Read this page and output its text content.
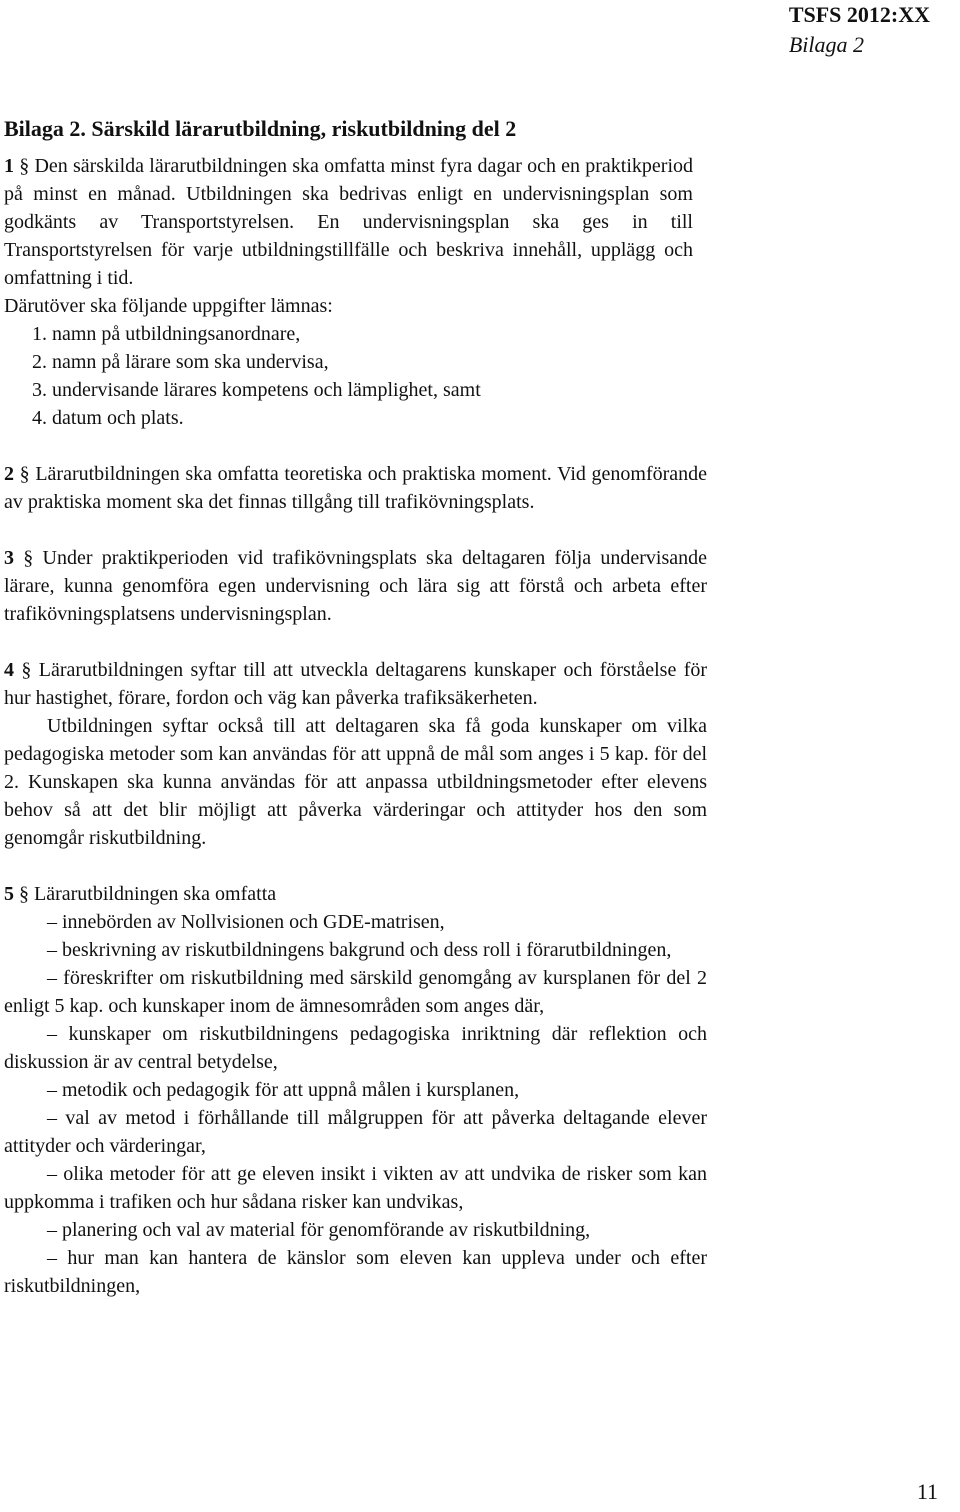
TSFS 2012:XX
Bilaga 2
Bilaga 2. Särskild lärarutbildning, riskutbildning del 2

1 § Den särskilda lärarutbildningen ska omfatta minst fyra dagar och en praktikperiod på minst en månad. Utbildningen ska bedrivas enligt en undervisningsplan som godkänts av Transportstyrelsen. En undervisningsplan ska ges in till Transportstyrelsen för varje utbildningstillfälle och beskriva innehåll, upplägg och omfattning i tid.

Därutöver ska följande uppgifter lämnas:
1. namn på utbildningsanordnare,
2. namn på lärare som ska undervisa,
3. undervisande lärares kompetens och lämplighet, samt
4. datum och plats.

2 § Lärarutbildningen ska omfatta teoretiska och praktiska moment. Vid genomförande av praktiska moment ska det finnas tillgång till trafikövningsplats.

3 § Under praktikperioden vid trafikövningsplats ska deltagaren följa undervisande lärare, kunna genomföra egen undervisning och lära sig att förstå och arbeta efter trafikövningsplatsens undervisningsplan.

4 § Lärarutbildningen syftar till att utveckla deltagarens kunskaper och förståelse för hur hastighet, förare, fordon och väg kan påverka trafiksäkerheten.

Utbildningen syftar också till att deltagaren ska få goda kunskaper om vilka pedagogiska metoder som kan användas för att uppnå de mål som anges i 5 kap. för del 2. Kunskapen ska kunna användas för att anpassa utbildningsmetoder efter elevens behov så att det blir möjligt att påverka värderingar och attityder hos den som genomgår riskutbildning.

5 § Lärarutbildningen ska omfatta

– innebörden av Nollvisionen och GDE-matrisen,

– beskrivning av riskutbildningens bakgrund och dess roll i förarutbildningen,

– föreskrifter om riskutbildning med särskild genomgång av kursplanen för del 2 enligt 5 kap. och kunskaper inom de ämnesområden som anges där,

– kunskaper om riskutbildningens pedagogiska inriktning där reflektion och diskussion är av central betydelse,

– metodik och pedagogik för att uppnå målen i kursplanen,

– val av metod i förhållande till målgruppen för att påverka deltagande elever attityder och värderingar,

– olika metoder för att ge eleven insikt i vikten av att undvika de risker som kan uppkomma i trafiken och hur sådana risker kan undvikas,

– planering och val av material för genomförande av riskutbildning,

– hur man kan hantera de känslor som eleven kan uppleva under och efter riskutbildningen,

11
